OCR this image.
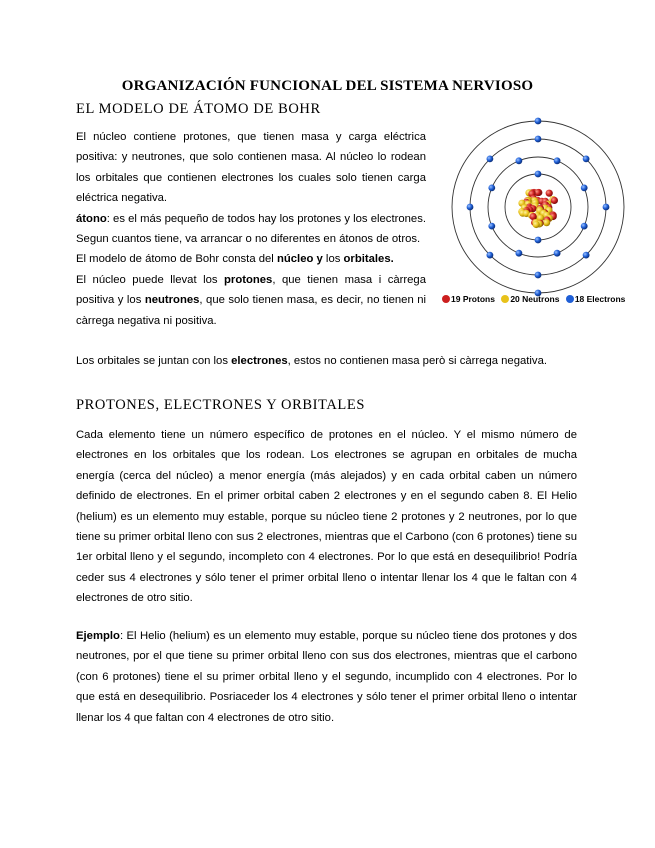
ORGANIZACIÓN FUNCIONAL DEL SISTEMA NERVIOSO
EL MODELO DE ÁTOMO DE BOHR

El núcleo contiene protones, que tienen masa y carga eléctrica positiva: y neutrones, que solo contienen masa. Al núcleo lo rodean los orbitales que contienen electrones los cuales solo tienen carga eléctrica negativa.

átono: es el más pequeño de todos hay los protones y los electrones. Segun cuantos tiene, va arrancar o no diferentes en átonos de otros.

El modelo de átomo de Bohr consta del núcleo y los orbitales.

El núcleo puede llevat los protones, que tienen masa i càrrega positiva y los neutrones, que solo tienen masa, es decir, no tienen ni càrrega negativa ni positiva.

Los orbitales se juntan con los electrones, estos no contienen masa però si càrrega negativa.
19 Protons 20 Neutrons 18 Electrons
PROTONES, ELECTRONES Y ORBITALES

Cada elemento tiene un número específico de protones en el núcleo. Y el mismo número de electrones en los orbitales que los rodean. Los electrones se agrupan en orbitales de mucha energía (cerca del núcleo) a menor energía (más alejados) y en cada orbital caben un número definido de electrones. En el primer orbital caben 2 electrones y en el segundo caben 8. El Helio (helium) es un elemento muy estable, porque su núcleo tiene 2 protones y 2 neutrones, por lo que tiene su primer orbital lleno con sus 2 electrones, mientras que el Carbono (con 6 protones) tiene su 1er orbital lleno y el segundo, incompleto con 4 electrones. Por lo que está en desequilibrio! Podría ceder sus 4 electrones y sólo tener el primer orbital lleno o intentar llenar los 4 que le faltan con 4 electrones de otro sitio.

Ejemplo: El Helio (helium) es un elemento muy estable, porque su núcleo tiene dos protones y dos neutrones, por el que tiene su primer orbital lleno con sus dos electrones, mientras que el carbono (con 6 protones) tiene el su primer orbital lleno y el segundo, incumplido con 4 electrones. Por lo que está en desequilibrio. Posriaceder los 4 electrones y sólo tener el primer orbital lleno o intentar llenar los 4 que faltan con 4 electrones de otro sitio.
